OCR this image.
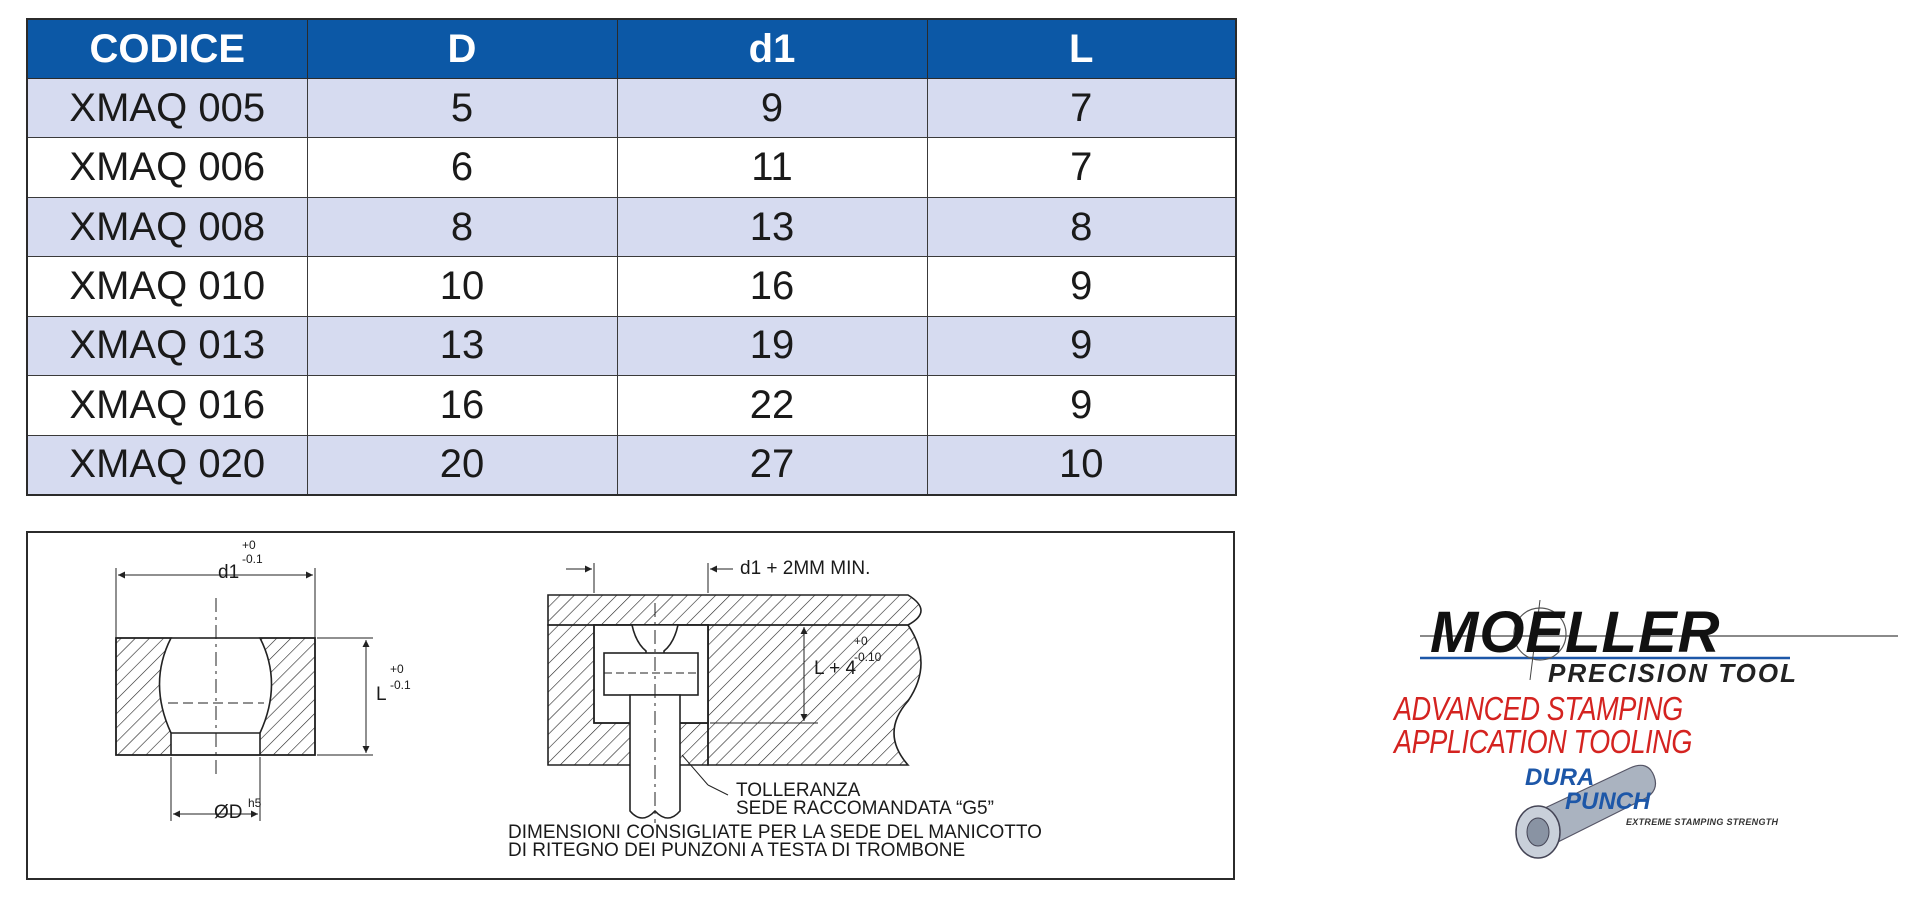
CODICE	D	d1	L
XMAQ 005	5	9	7
XMAQ 006	6	11	7
XMAQ 008	8	13	8
XMAQ 010	10	16	9
XMAQ 013	13	19	9
XMAQ 016	16	22	9
XMAQ 020	20	27	10
d1
+0
-0.1
L
+0
-0.1
ØD h5
d1 + 2MM MIN.
L + 4
+0
-0.10
TOLLERANZA
SEDE RACCOMANDATA “G5”
DIMENSIONI CONSIGLIATE PER LA SEDE DEL MANICOTTO
DI RITEGNO DEI PUNZONI A TESTA DI TROMBONE
MOELLER
PRECISION TOOL
ADVANCED STAMPING APPLICATION TOOLING
DURA
PUNCH
EXTREME STAMPING STRENGTH
